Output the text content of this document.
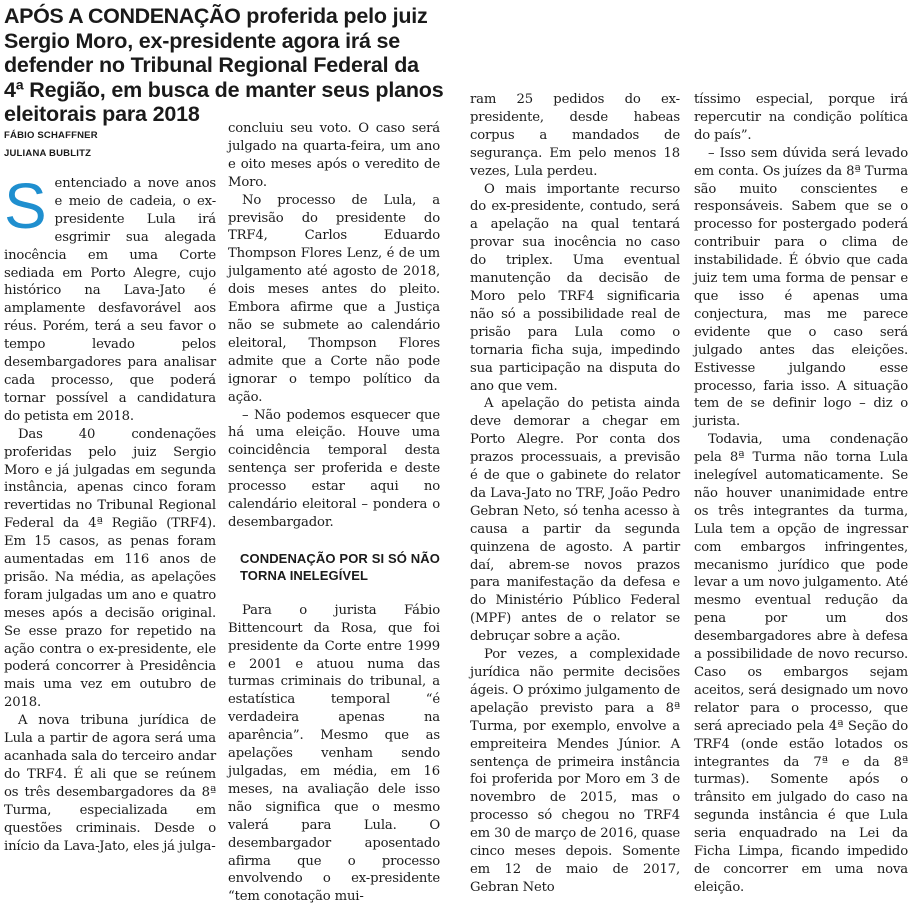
APÓS A CONDENAÇÃO proferida pelo juiz Sergio Moro, ex-presidente agora irá se defender no Tribunal Regional Federal da 4ª Região, em busca de manter seus planos eleitorais para 2018
FÁBIO SCHAFFNER
JULIANA BUBLITZ

Sentenciado a nove anos e meio de cadeia, o ex-presidente Lula irá esgrimir sua alegada inocência em uma Corte sediada em Porto Alegre, cujo histórico na Lava-Jato é amplamente desfavorável aos réus. Porém, terá a seu favor o tempo levado pelos desembargadores para analisar cada processo, que poderá tornar possível a candidatura do petista em 2018.

Das 40 condenações proferidas pelo juiz Sergio Moro e já julgadas em segunda instância, apenas cinco foram revertidas no Tribunal Regional Federal da 4ª Região (TRF4). Em 15 casos, as penas foram aumentadas em 116 anos de prisão. Na média, as apelações foram julgadas um ano e quatro meses após a decisão original. Se esse prazo for repetido na ação contra o ex-presidente, ele poderá concorrer à Presidência mais uma vez em outubro de 2018.

A nova tribuna jurídica de Lula a partir de agora será uma acanhada sala do terceiro andar do TRF4. É ali que se reúnem os três desembargadores da 8ª Turma, especializada em questões criminais. Desde o início da Lava-Jato, eles já julga-

concluiu seu voto. O caso será julgado na quarta-feira, um ano e oito meses após o veredito de Moro.

No processo de Lula, a previsão do presidente do TRF4, Carlos Eduardo Thompson Flores Lenz, é de um julgamento até agosto de 2018, dois meses antes do pleito. Embora afirme que a Justiça não se submete ao calendário eleitoral, Thompson Flores admite que a Corte não pode ignorar o tempo político da ação.

– Não podemos esquecer que há uma eleição. Houve uma coincidência temporal desta sentença ser proferida e deste processo estar aqui no calendário eleitoral – pondera o desembargador.

CONDENAÇÃO POR SI SÓ NÃO TORNA INELEGÍVEL

Para o jurista Fábio Bittencourt da Rosa, que foi presidente da Corte entre 1999 e 2001 e atuou numa das turmas criminais do tribunal, a estatística temporal “é verdadeira apenas na aparência”. Mesmo que as apelações venham sendo julgadas, em média, em 16 meses, na avaliação dele isso não significa que o mesmo valerá para Lula. O desembargador aposentado afirma que o processo envolvendo o ex-presidente “tem conotação mui-

ram 25 pedidos do ex-presidente, desde habeas corpus a mandados de segurança. Em pelo menos 18 vezes, Lula perdeu.

O mais importante recurso do ex-presidente, contudo, será a apelação na qual tentará provar sua inocência no caso do triplex. Uma eventual manutenção da decisão de Moro pelo TRF4 significaria não só a possibilidade real de prisão para Lula como o tornaria ficha suja, impedindo sua participação na disputa do ano que vem.

A apelação do petista ainda deve demorar a chegar em Porto Alegre. Por conta dos prazos processuais, a previsão é de que o gabinete do relator da Lava-Jato no TRF, João Pedro Gebran Neto, só tenha acesso à causa a partir da segunda quinzena de agosto. A partir daí, abrem-se novos prazos para manifestação da defesa e do Ministério Público Federal (MPF) antes de o relator se debruçar sobre a ação.

Por vezes, a complexidade jurídica não permite decisões ágeis. O próximo julgamento de apelação previsto para a 8ª Turma, por exemplo, envolve a empreiteira Mendes Júnior. A sentença de primeira instância foi proferida por Moro em 3 de novembro de 2015, mas o processo só chegou no TRF4 em 30 de março de 2016, quase cinco meses depois. Somente em 12 de maio de 2017, Gebran Neto

tíssimo especial, porque irá repercutir na condição política do país”.

– Isso sem dúvida será levado em conta. Os juízes da 8ª Turma são muito conscientes e responsáveis. Sabem que se o processo for postergado poderá contribuir para o clima de instabilidade. É óbvio que cada juiz tem uma forma de pensar e que isso é apenas uma conjectura, mas me parece evidente que o caso será julgado antes das eleições. Estivesse julgando esse processo, faria isso. A situação tem de se definir logo – diz o jurista.

Todavia, uma condenação pela 8ª Turma não torna Lula inelegível automaticamente. Se não houver unanimidade entre os três integrantes da turma, Lula tem a opção de ingressar com embargos infringentes, mecanismo jurídico que pode levar a um novo julgamento. Até mesmo eventual redução da pena por um dos desembargadores abre à defesa a possibilidade de novo recurso. Caso os embargos sejam aceitos, será designado um novo relator para o processo, que será apreciado pela 4ª Seção do TRF4 (onde estão lotados os integrantes da 7ª e da 8ª turmas). Somente após o trânsito em julgado do caso na segunda instância é que Lula seria enquadrado na Lei da Ficha Limpa, ficando impedido de concorrer em uma nova eleição.
